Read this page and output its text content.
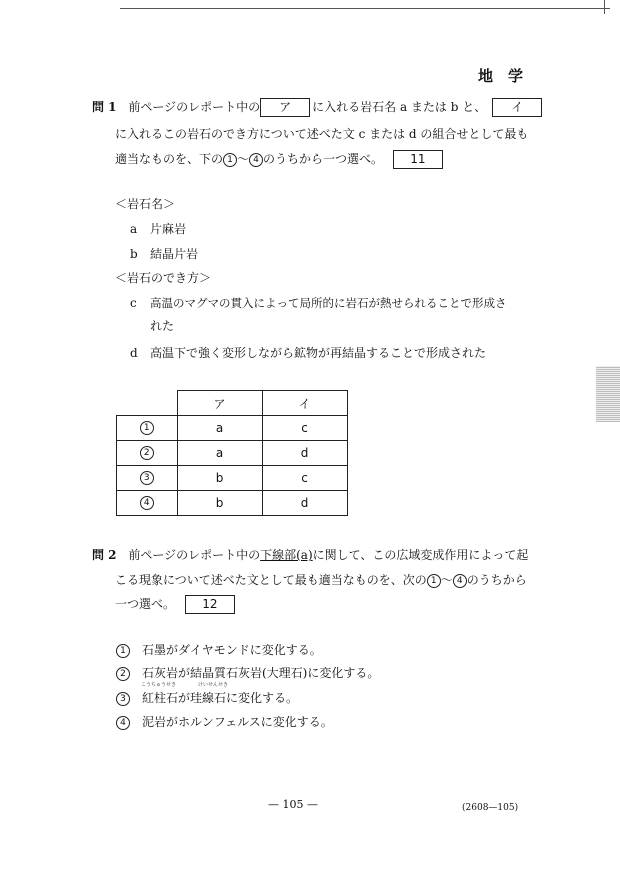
地　学
問 1 前ページのレポート中の ア に入れる岩石名 a または b と、 イ
に入れるこの岩石のでき方について述べた文 c または d の組合せとして最も
適当なものを、下の 1 ～ 4 のうちから一つ選べ。 11
＜岩石名＞
a 片麻岩
b 結晶片岩
＜岩石のでき方＞
c 高温のマグマの貫入によって局所的に岩石が熱せられることで形成さ
れた
d 高温下で強く変形しながら鉱物が再結晶することで形成された
	ア	イ
1	a	c
2	a	d
3	b	c
4	b	d
問 2 前ページのレポート中の下線部(a)に関して、この広域変成作用によって起
こる現象について述べた文として最も適当なものを、次の 1 ～ 4 のうちから
一つ選べ。 12
1 石墨がダイヤモンドに変化する。
2 石灰岩が結晶質石灰岩(大理石)に変化する。
こうちゅうせき	けいせんせき
3 紅柱石が珪線石に変化する。
4 泥岩がホルンフェルスに変化する。
— 105 —	(2608—105)
